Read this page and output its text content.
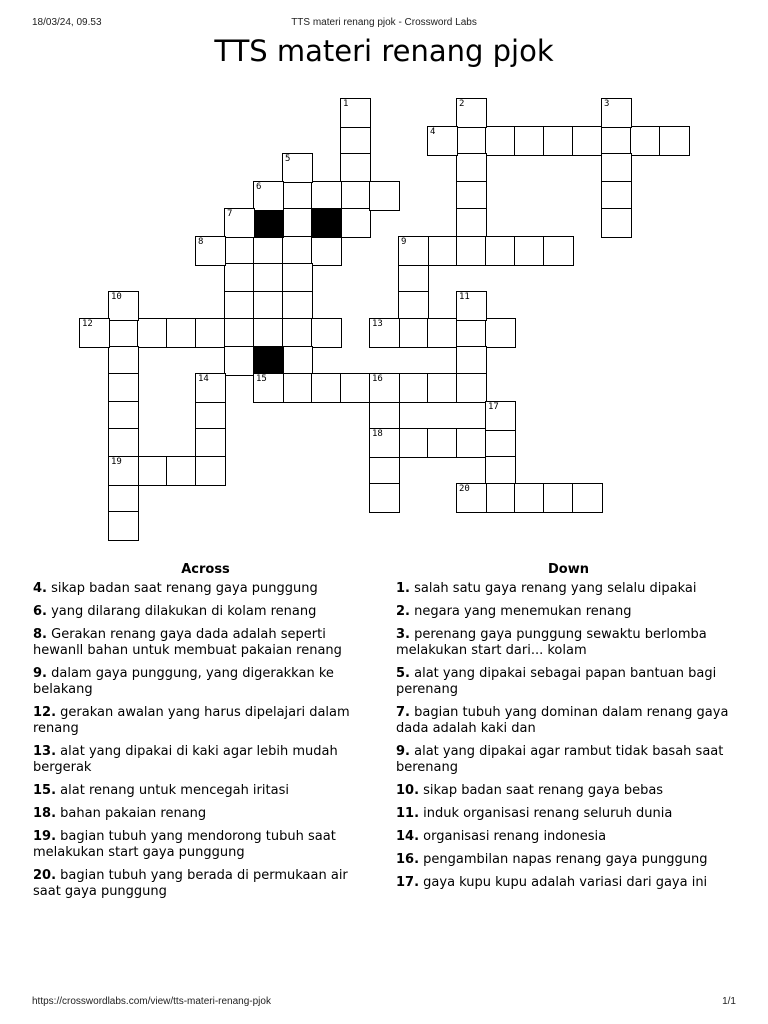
18/03/24, 09.53	TTS materi renang pjok - Crossword Labs
TTS materi renang pjok
1	2	3
4
5
6
7
8	9
10	11
12	13
14	15	16
17
18
19
20
Across
4. sikap badan saat renang gaya punggung
6. yang dilarang dilakukan di kolam renang
8. Gerakan renang gaya dada adalah seperti hewanll bahan untuk membuat pakaian renang
9. dalam gaya punggung, yang digerakkan ke belakang
12. gerakan awalan yang harus dipelajari dalam renang
13. alat yang dipakai di kaki agar lebih mudah bergerak
15. alat renang untuk mencegah iritasi
18. bahan pakaian renang
19. bagian tubuh yang mendorong tubuh saat melakukan start gaya punggung
20. bagian tubuh yang berada di permukaan air saat gaya punggung
Down
1. salah satu gaya renang yang selalu dipakai
2. negara yang menemukan renang
3. perenang gaya punggung sewaktu berlomba melakukan start dari... kolam
5. alat yang dipakai sebagai papan bantuan bagi perenang
7. bagian tubuh yang dominan dalam renang gaya dada adalah kaki dan
9. alat yang dipakai agar rambut tidak basah saat berenang
10. sikap badan saat renang gaya bebas
11. induk organisasi renang seluruh dunia
14. organisasi renang indonesia
16. pengambilan napas renang gaya punggung
17. gaya kupu kupu adalah variasi dari gaya ini
https://crosswordlabs.com/view/tts-materi-renang-pjok	1/1
